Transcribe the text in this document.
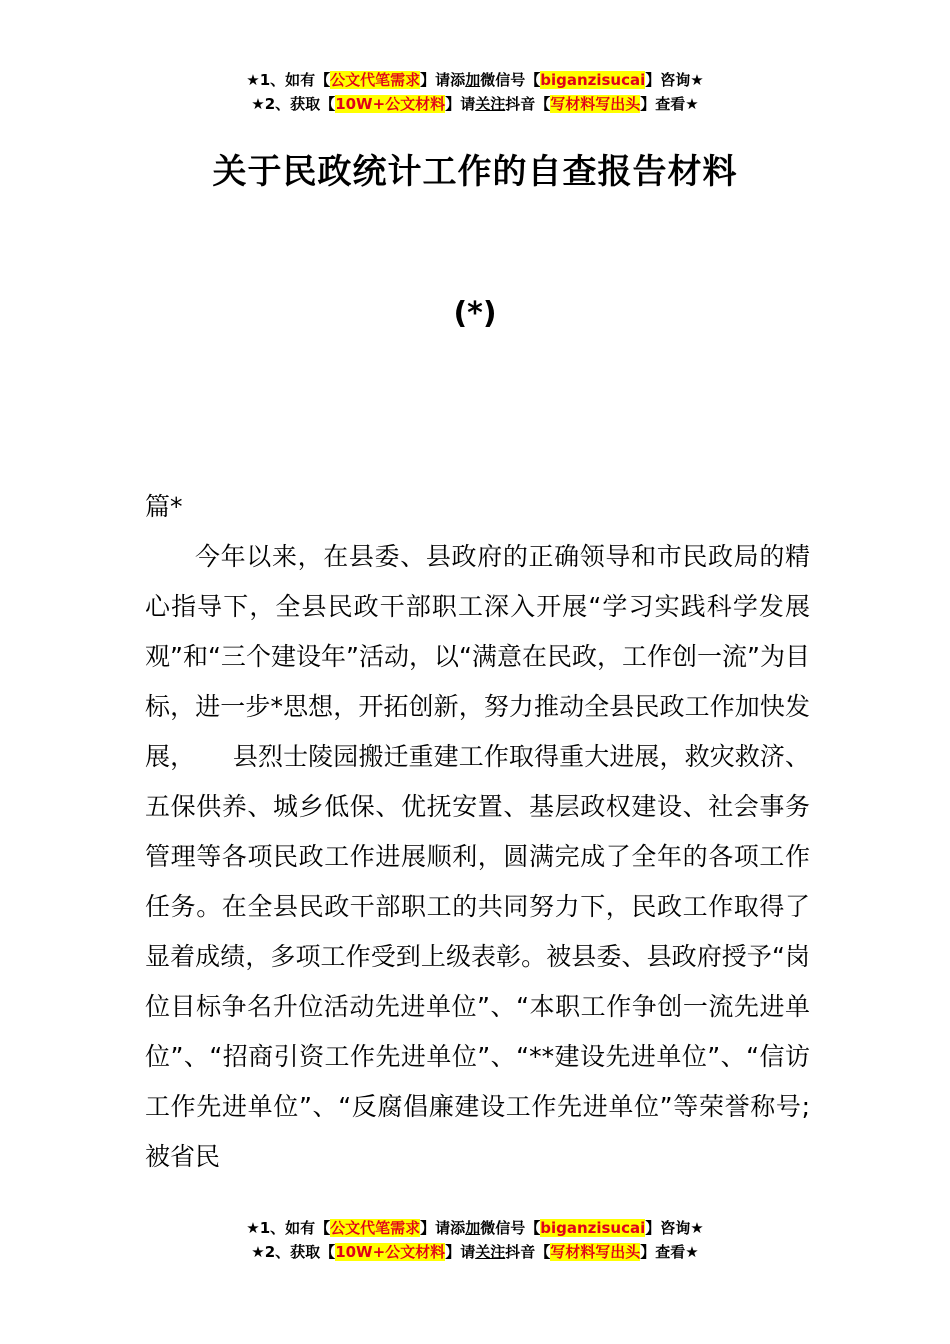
★1、如有【公文代笔需求】请添加微信号【biganzisucai】咨询★
★2、获取【10W+公文材料】请关注抖音【写材料写出头】查看★
关于民政统计工作的自查报告材料
(*)

篇*

今年以来，在县委、县政府的正确领导和市民政局的精心指导下，全县民政干部职工深入开展“学习实践科学发展观”和“三个建设年”活动，以“满意在民政，工作创一流”为目标，进一步*思想，开拓创新，努力推动全县民政工作加快发展，　　县烈士陵园搬迁重建工作取得重大进展，救灾救济、五保供养、城乡低保、优抚安置、基层政权建设、社会事务管理等各项民政工作进展顺利，圆满完成了全年的各项工作任务。在全县民政干部职工的共同努力下，民政工作取得了显着成绩，多项工作受到上级表彰。被县委、县政府授予“岗位目标争名升位活动先进单位”、“本职工作争创一流先进单位”、“招商引资工作先进单位”、“**建设先进单位”、“信访工作先进单位”、“反腐倡廉建设工作先进单位”等荣誉称号;被省民

★1、如有【公文代笔需求】请添加微信号【biganzisucai】咨询★
★2、获取【10W+公文材料】请关注抖音【写材料写出头】查看★
